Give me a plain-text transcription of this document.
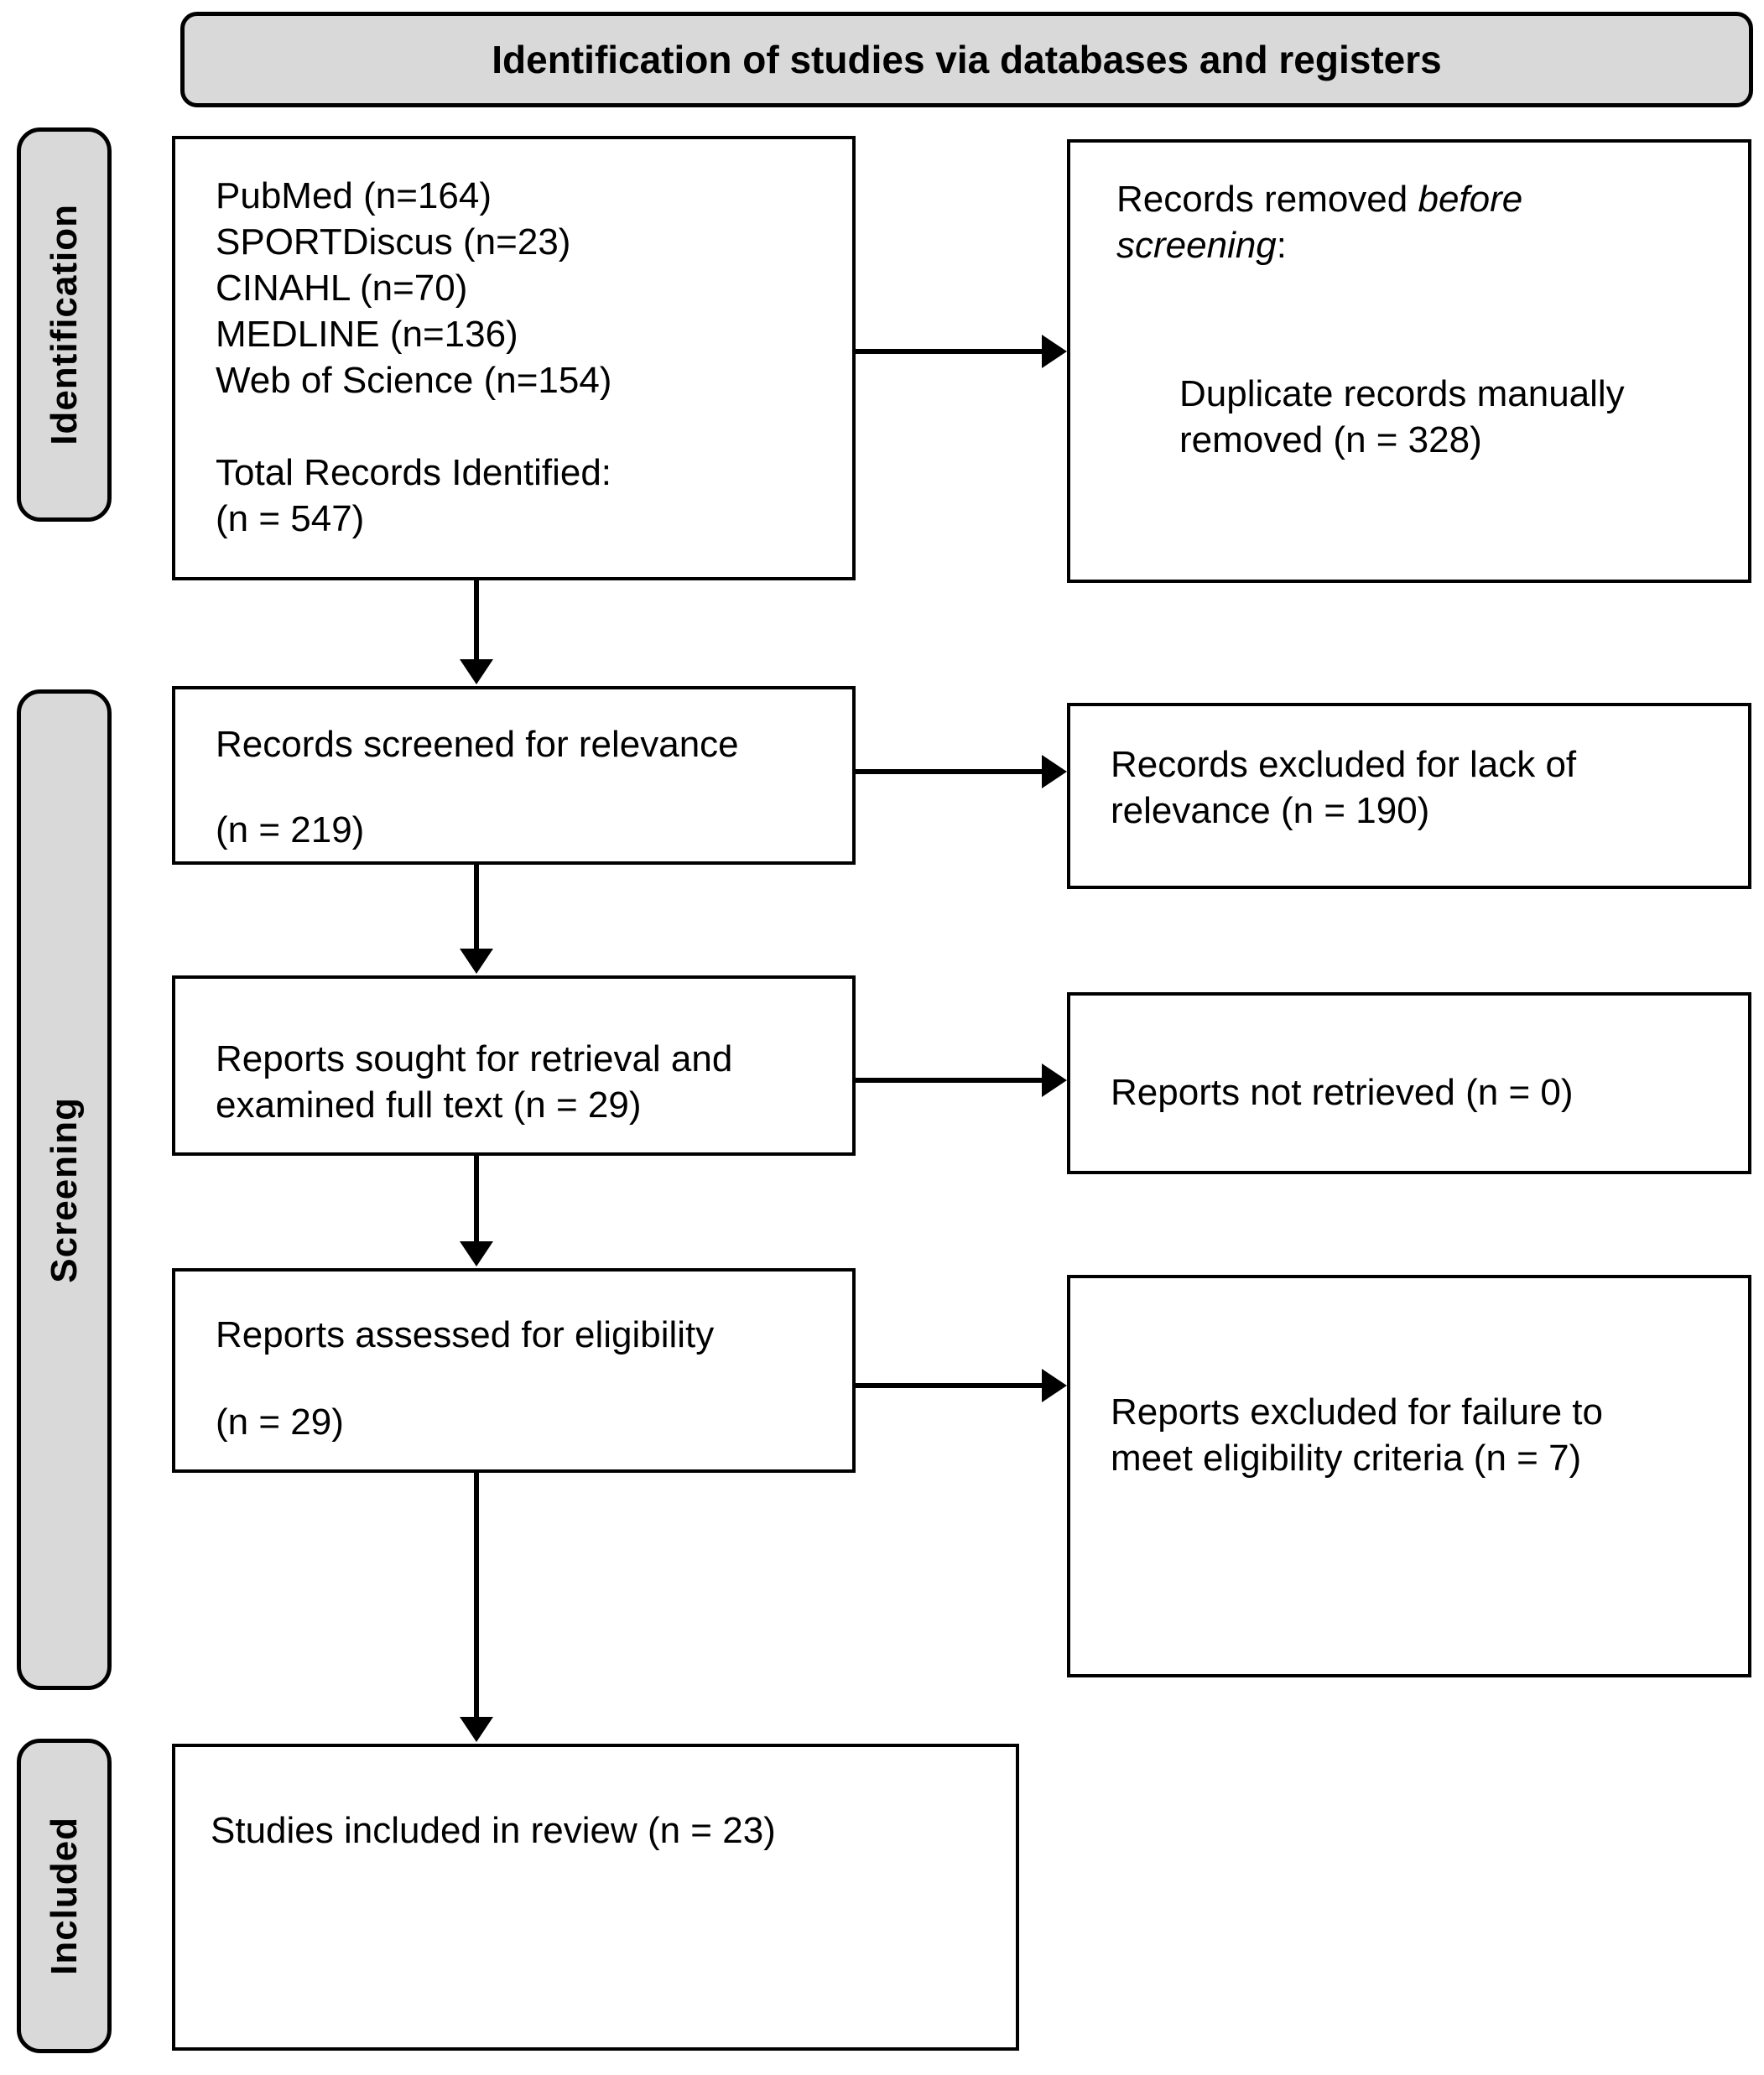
Identification of studies via databases and registers
Identification
Screening
Included
PubMed (n=164)
SPORTDiscus (n=23)
CINAHL (n=70)
MEDLINE (n=136)
Web of Science (n=154)
Total Records Identified:
(n = 547)
Records removed before
screening:
Duplicate records manually
removed (n = 328)
Records screened for relevance
(n = 219)
Records excluded for lack of
relevance (n = 190)
Reports sought for retrieval and
examined full text (n = 29)	Reports not retrieved (n = 0)
Reports assessed for eligibility
(n = 29)	Reports excluded for failure to
meet eligibility criteria (n = 7)
Studies included in review (n = 23)
